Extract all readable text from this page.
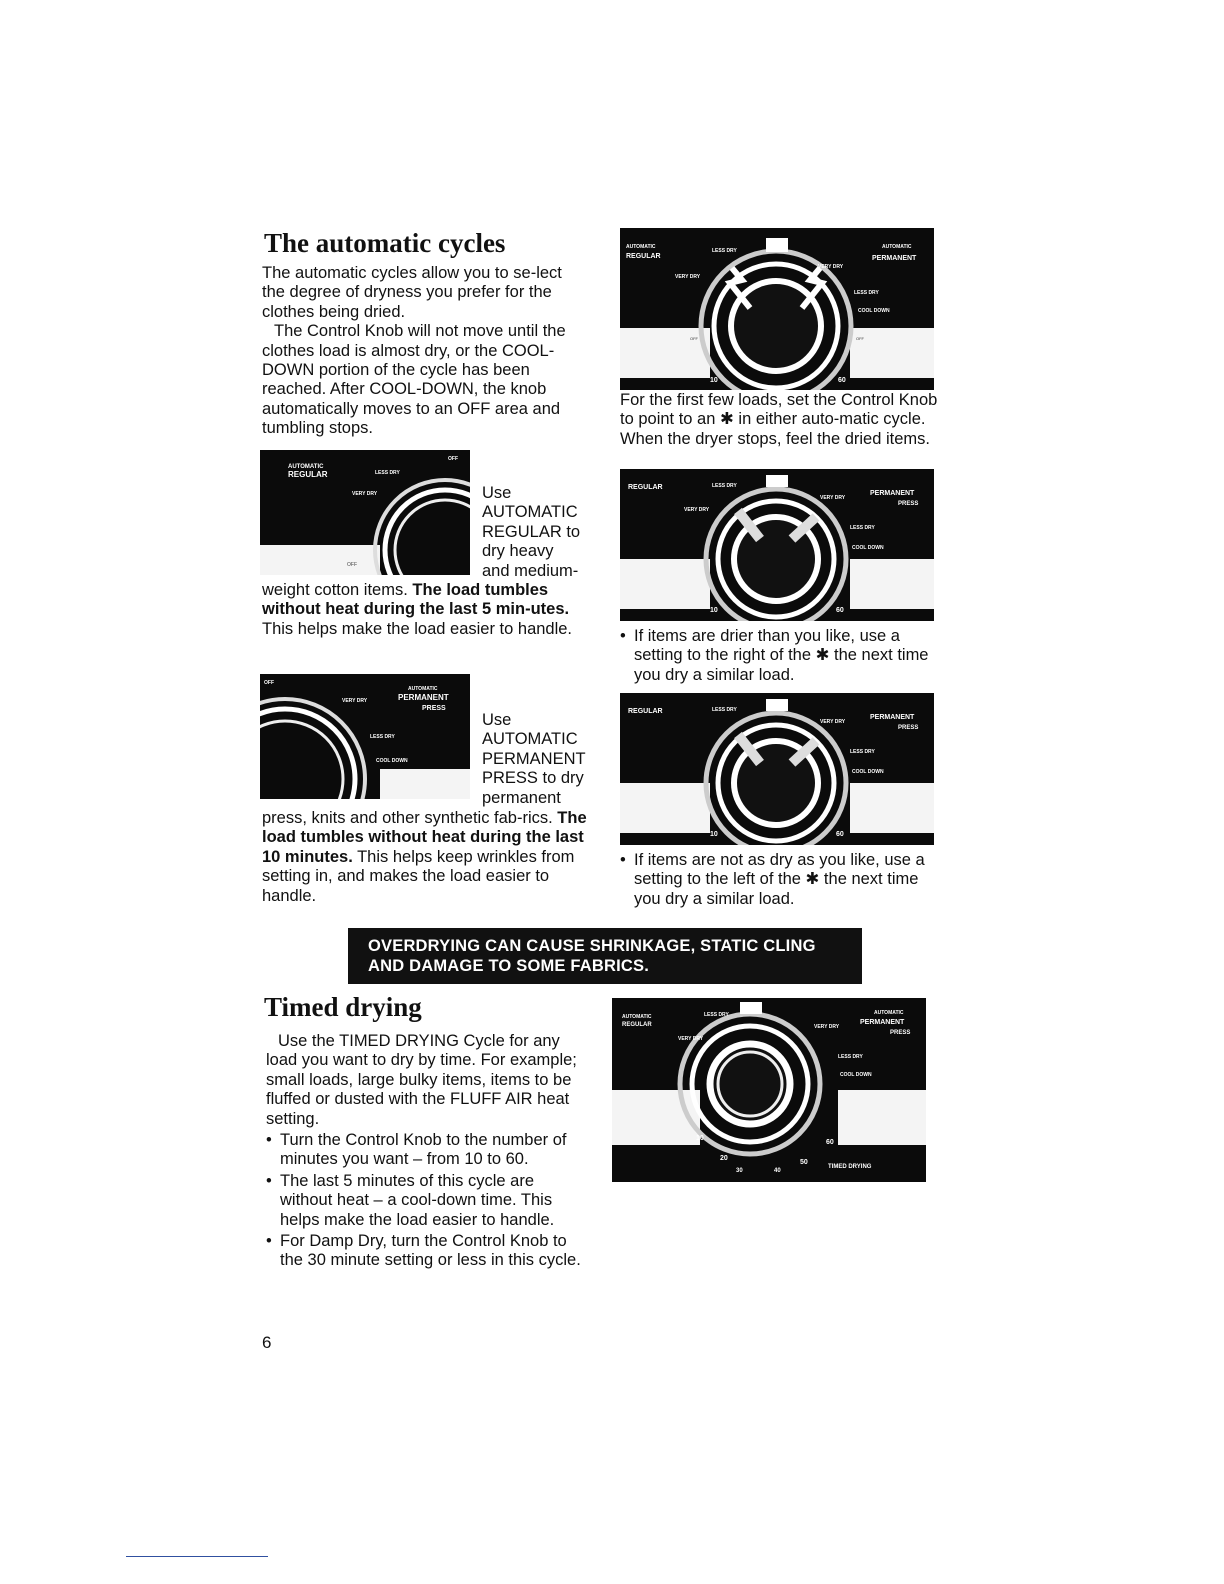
The automatic cycles

The automatic cycles allow you to se-lect the degree of dryness you prefer for the clothes being dried.

The Control Knob will not move until the clothes load is almost dry, or the COOL-DOWN portion of the cycle has been reached. After COOL-DOWN, the knob automatically moves to an OFF area and tumbling stops.

AUTOMATIC
REGULAR	LESS DRY
VERY DRY
OFF
OFF

Use

AUTOMATIC

REGULAR to

dry heavy

and medium-

weight cotton items. The load tumbles without heat during the last 5 min-utes. This helps make the load easier to handle.

AUTOMATIC
PERMANENT
PRESS
VERY DRY
LESS DRY
COOL DOWN
OFF

Use

AUTOMATIC

PERMANENT

PRESS to dry

permanent

press, knits and other synthetic fab-rics. The load tumbles without heat during the last 10 minutes. This helps keep wrinkles from setting in, and makes the load easier to handle.

AUTOMATIC
REGULAR
LESS DRY
VERY DRY
VERY DRY
AUTOMATIC
PERMANENT
LESS DRY
COOL DOWN
10	60
OFF	OFF

For the first few loads, set the Control Knob to point to an ✱ in either auto-matic cycle. When the dryer stops, feel the dried items.

REGULAR	LESS DRY
VERY DRY
VERY DRY
PERMANENT
PRESS
LESS DRY
COOL DOWN
10	60
• If items are drier than you like, use a setting to the right of the ✱ the next time you dry a similar load.
REGULAR	LESS DRY
VERY DRY
PERMANENT
PRESS
LESS DRY
COOL DOWN
10	60
• If items are not as dry as you like, use a setting to the left of the ✱ the next time you dry a similar load.
OVERDRYING CAN CAUSE SHRINKAGE, STATIC CLING
AND DAMAGE TO SOME FABRICS.
Timed drying

Use the TIMED DRYING Cycle for any load you want to dry by time. For example; small loads, large bulky items, items to be fluffed or dusted with the FLUFF AIR heat setting.

• Turn the Control Knob to the number of minutes you want – from 10 to 60.
• The last 5 minutes of this cycle are without heat – a cool-down time. This helps make the load easier to handle.
• For Damp Dry, turn the Control Knob to the 30 minute setting or less in this cycle.
AUTOMATIC
REGULAR
LESS DRY
VERY DRY
VERY DRY
AUTOMATIC
PERMANENT
PRESS
LESS DRY
COOL DOWN
10
60
20
30	40
50
TIMED DRYING
6
